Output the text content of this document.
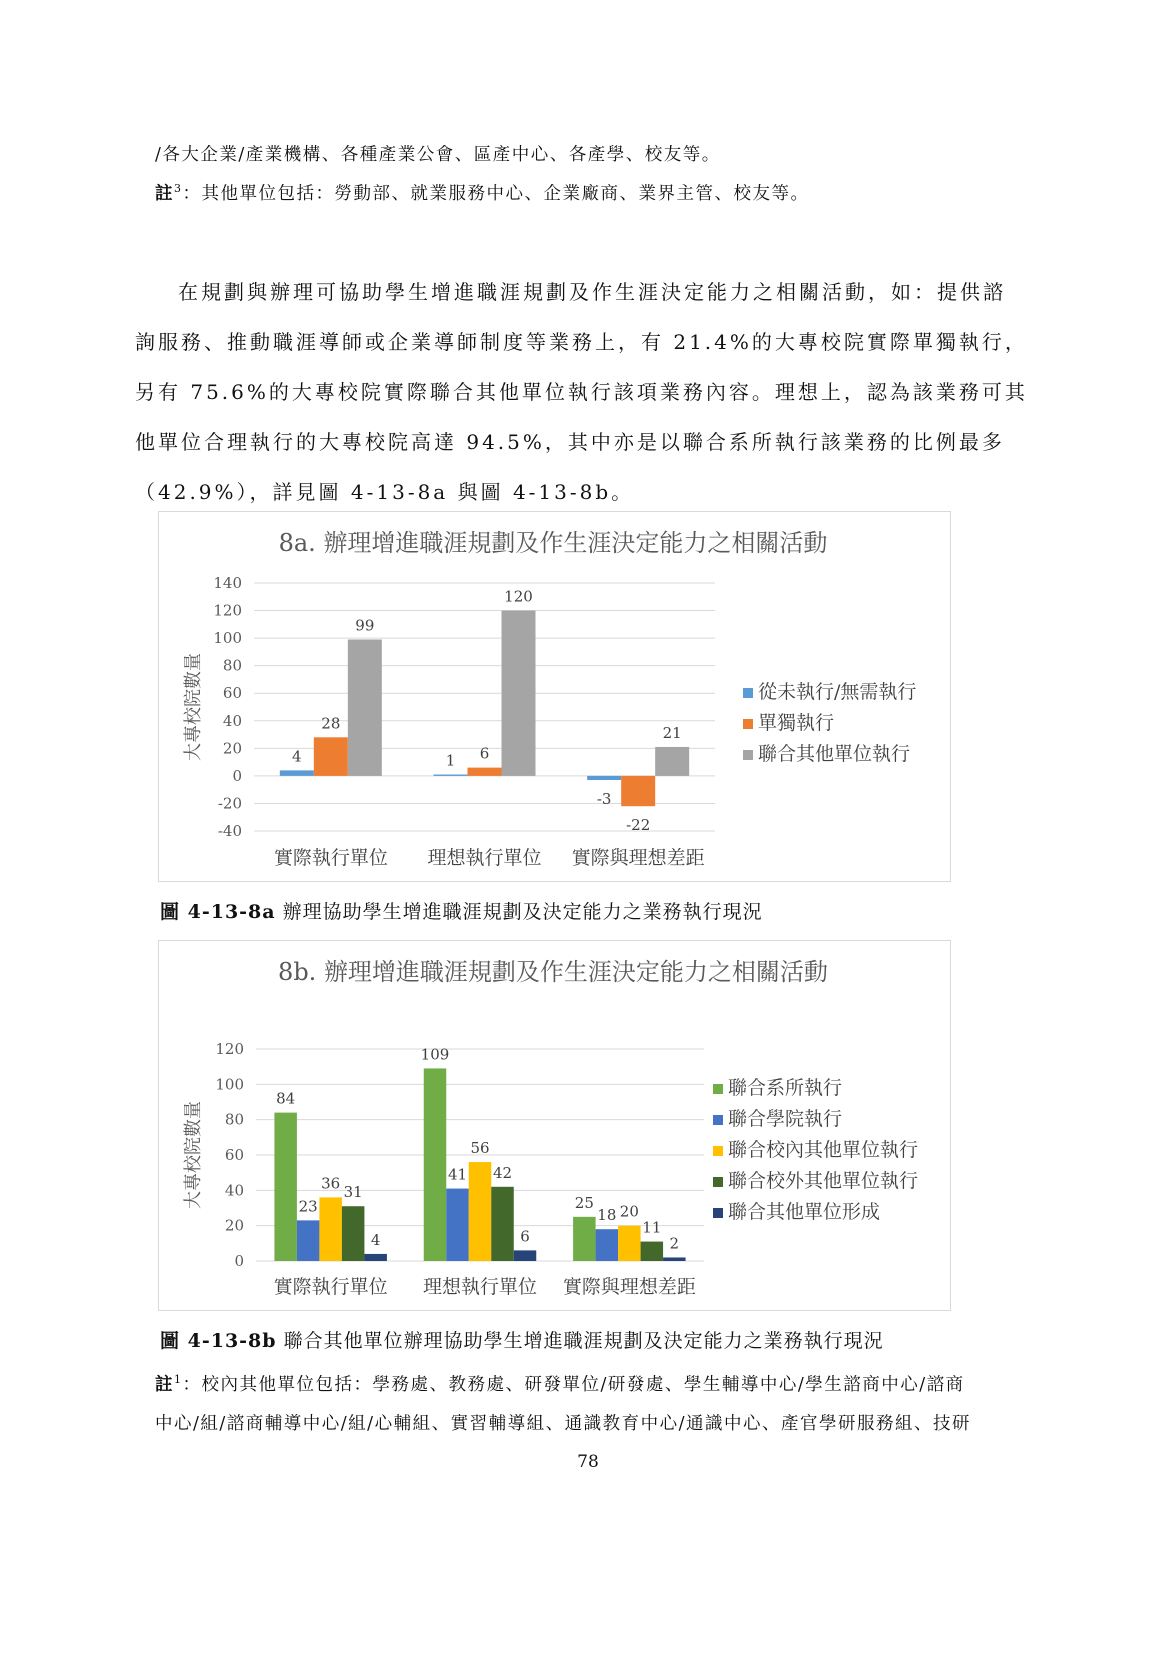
/各大企業/產業機構、各種產業公會、區產中心、各產學、校友等。
註$^3$：其他單位包括：勞動部、就業服務中心、企業廠商、業界主管、校友等。
在規劃與辦理可協助學生增進職涯規劃及作生涯決定能力之相關活動，如：提供諮
詢服務、推動職涯導師或企業導師制度等業務上，有 21.4%的大專校院實際單獨執行，
另有 75.6%的大專校院實際聯合其他單位執行該項業務內容。理想上，認為該業務可其
他單位合理執行的大專校院高達 94.5%，其中亦是以聯合系所執行該業務的比例最多
（42.9%），詳見圖 4-13-8a 與圖 4-13-8b。
8a. 辦理增進職涯規劃及作生涯決定能力之相關活動
-40
-20
0
20
40
60
80
100
120
140
大專校院數量	4
28
99
實際執行單位
1 6
120
理想執行單位
-3
-22
21
實際與理想差距
從未執行/無需執行
單獨執行
聯合其他單位執行
圖 4-13-8a 辦理協助學生增進職涯規劃及決定能力之業務執行現況
8b. 辦理增進職涯規劃及作生涯決定能力之相關活動
0
20
40
60
80
100
120
大專校院數量
84
23
36 31
4
實際執行單位
109
41
56
42
6
理想執行單位
25
18 20
11
2
實際與理想差距
聯合系所執行
聯合學院執行
聯合校內其他單位執行
聯合校外其他單位執行
聯合其他單位形成
圖 4-13-8b 聯合其他單位辦理協助學生增進職涯規劃及決定能力之業務執行現況
註$^1$：校內其他單位包括：學務處、教務處、研發單位/研發處、學生輔導中心/學生諮商中心/諮商
中心/組/諮商輔導中心/組/心輔組、實習輔導組、通識教育中心/通識中心、產官學研服務組、技研
78
